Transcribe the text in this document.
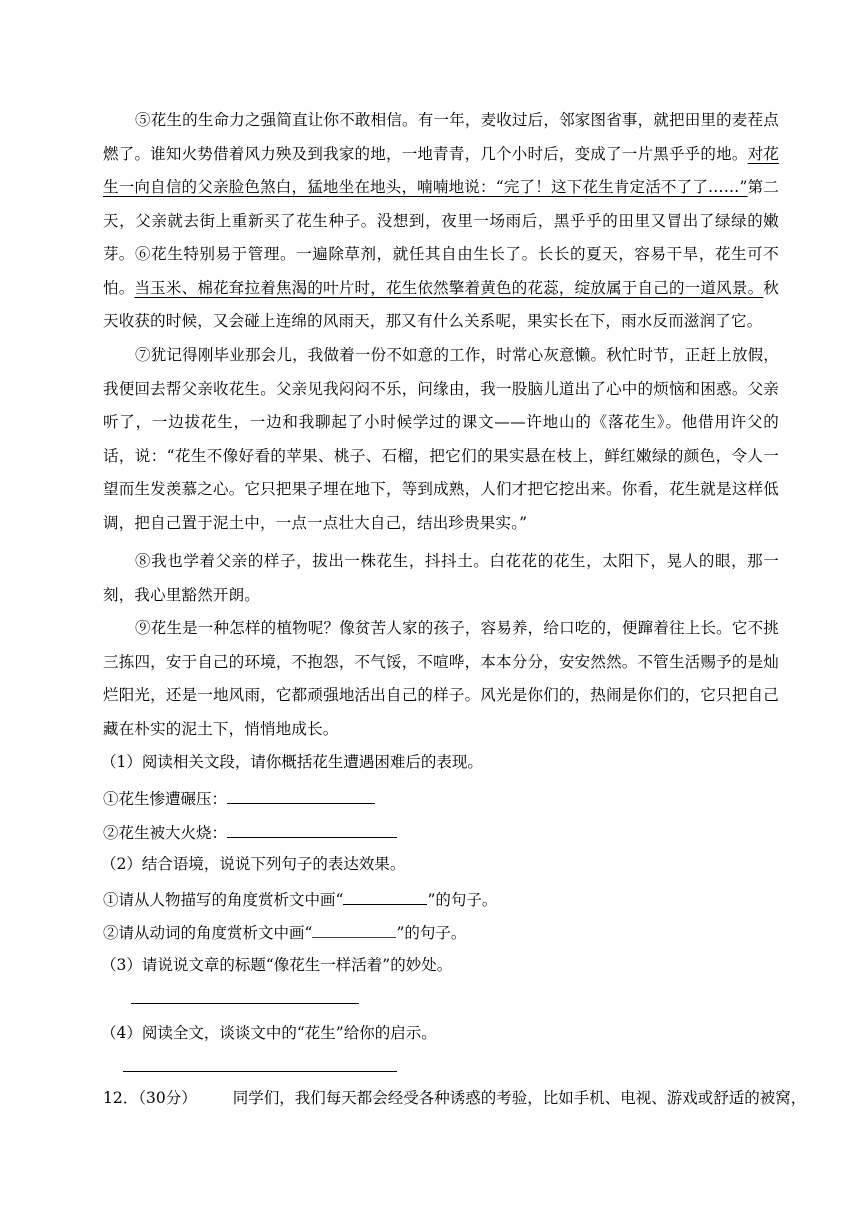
⑤花生的生命力之强简直让你不敢相信。有一年，麦收过后，邻家图省事，就把田里的麦茬点燃了。谁知火势借着风力殃及到我家的地，一地青青，几个小时后，变成了一片黑乎乎的地。对花生一向自信的父亲脸色煞白，猛地坐在地头，喃喃地说：“完了！这下花生肯定活不了了……”第二天，父亲就去街上重新买了花生种子。没想到，夜里一场雨后，黑乎乎的田里又冒出了绿绿的嫩芽。 ⑥花生特别易于管理。一遍除草剂，就任其自由生长了。长长的夏天，容易干旱，花生可不怕。当玉米、棉花耷拉着焦渴的叶片时，花生依然擎着黄色的花蕊，绽放属于自己的一道风景。秋天收获的时候，又会碰上连绵的风雨天，那又有什么关系呢，果实长在下，雨水反而滋润了它。
⑦犹记得刚毕业那会儿，我做着一份不如意的工作，时常心灰意懒。秋忙时节，正赶上放假，我便回去帮父亲收花生。父亲见我闷闷不乐，问缘由，我一股脑儿道出了心中的烦恼和困惑。父亲听了，一边拔花生，一边和我聊起了小时候学过的课文——许地山的《落花生》。他借用许父的话，说：“花生不像好看的苹果、桃子、石榴，把它们的果实悬在枝上，鲜红嫩绿的颜色，令人一望而生发羡慕之心。它只把果子埋在地下，等到成熟，人们才把它挖出来。你看，花生就是这样低调，把自己置于泥土中，一点一点壮大自己，结出珍贵果实。”
⑧我也学着父亲的样子，拔出一株花生，抖抖土。白花花的花生，太阳下，晃人的眼，那一刻，我心里豁然开朗。
⑨花生是一种怎样的植物呢？像贫苦人家的孩子，容易养，给口吃的，便蹿着往上长。它不挑三拣四，安于自己的环境，不抱怨，不气馁，不喧哗，本本分分，安安然然。不管生活赐予的是灿烂阳光，还是一地风雨，它都顽强地活出自己的样子。风光是你们的，热闹是你们的，它只把自己藏在朴实的泥土下，悄悄地成长。
（1）阅读相关文段，请你概括花生遭遇困难后的表现。
①花生惨遭碾压：
②花生被大火烧：
（2）结合语境，说说下列句子的表达效果。
①请从人物描写的角度赏析文中画“	”的句子。
②请从动词的角度赏析文中画“	”的句子。
（3）请说说文章的标题“像花生一样活着”的妙处。
（4）阅读全文，谈谈文中的“花生”给你的启示。
12．（30分） 同学们，我们每天都会经受各种诱惑的考验，比如手机、电视、游戏或舒适的被窝，
